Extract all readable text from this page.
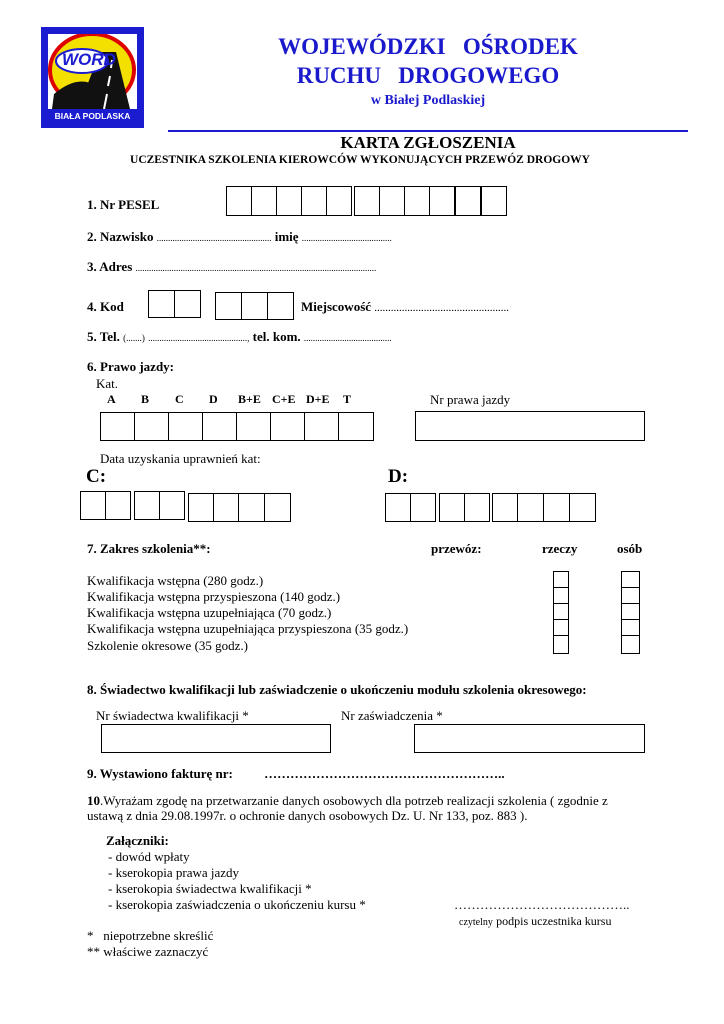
WORD
BIAŁA PODLASKA
WOJEWÓDZKI   OŚRODEK
RUCHU   DROGOWEGO
w Białej Podlaskiej
KARTA ZGŁOSZENIA
UCZESTNIKA SZKOLENIA KIEROWCÓW WYKONUJĄCYCH PRZEWÓZ DROGOWY
1. Nr PESEL
2. Nazwisko ................................................... imię ........................................
3. Adres ...........................................................................................................
4. Kod	Miejscowość .................................................
5. Tel. (.......) ............................................, tel. kom. .......................................
6. Prawo jazdy:
Kat.
A B C D B+E C+E D+E T	Nr prawa jazdy
Data uzyskania uprawnień kat:
C:	D:
7. Zakres szkolenia**:	przewóz:	rzeczy	osób
Kwalifikacja wstępna (280 godz.)
Kwalifikacja wstępna przyspieszona (140 godz.)
Kwalifikacja wstępna uzupełniająca (70 godz.)
Kwalifikacja wstępna uzupełniająca przyspieszona (35 godz.)
Szkolenie okresowe (35 godz.)
8. Świadectwo kwalifikacji lub zaświadczenie o ukończeniu modułu szkolenia okresowego:
Nr świadectwa kwalifikacji *	Nr zaświadczenia *
9. Wystawiono fakturę nr: ………………………………………………..
10.Wyrażam zgodę na przetwarzanie danych osobowych dla potrzeb realizacji szkolenia ( zgodnie z
ustawą z dnia 29.08.1997r. o ochronie danych osobowych Dz. U. Nr 133, poz. 883 ).
Załączniki:
- dowód wpłaty
- kserokopia prawa jazdy
- kserokopia świadectwa kwalifikacji *
- kserokopia zaświadczenia o ukończeniu kursu *	…………………………………..
czytelny podpis uczestnika kursu
*   niepotrzebne skreślić
** właściwe zaznaczyć
